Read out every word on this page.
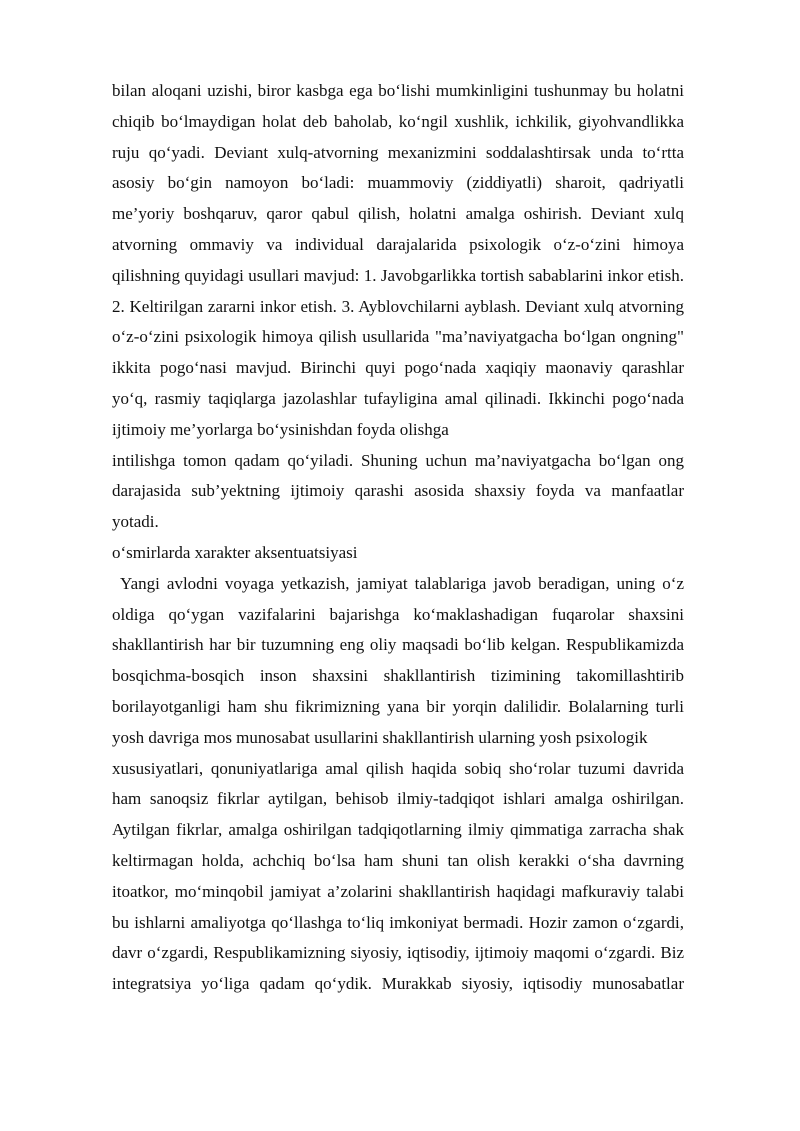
bilan aloqani uzishi, biror kasbga ega bo‘lishi mumkinligini tushunmay bu holatni chiqib bo‘lmaydigan holat deb baholab, ko‘ngil xushlik, ichkilik, giyohvandlikka ruju qo‘yadi. Deviant xulq-atvorning mexanizmini soddalashtirsak unda to‘rtta asosiy bo‘gin namoyon bo‘ladi: muammoviy (ziddiyatli) sharoit, qadriyatli me’yoriy boshqaruv, qaror qabul qilish, holatni amalga oshirish. Deviant xulq atvorning ommaviy va individual darajalarida psixologik o‘z-o‘zini himoya qilishning quyidagi usullari mavjud: 1. Javobgarlikka tortish sabablarini inkor etish. 2. Keltirilgan zararni inkor etish. 3. Ayblovchilarni ayblash. Deviant xulq atvorning o‘z-o‘zini psixologik himoya qilish usullarida "ma’naviyatgacha bo‘lgan ongning" ikkita pogo‘nasi mavjud. Birinchi quyi pogo‘nada xaqiqiy maonaviy qarashlar yo‘q, rasmiy taqiqlarga jazolashlar tufayligina amal qilinadi. Ikkinchi pogo‘nada ijtimoiy me’yorlarga bo‘ysinishdan foyda olishga

intilishga tomon qadam qo‘yiladi. Shuning uchun ma’naviyatgacha bo‘lgan ong darajasida sub’yektning ijtimoiy qarashi asosida shaxsiy foyda va manfaatlar yotadi.

o‘smirlarda xarakter aksentuatsiyasi

Yangi avlodni voyaga yetkazish, jamiyat talablariga javob beradigan, uning o‘z oldiga qo‘ygan vazifalarini bajarishga ko‘maklashadigan fuqarolar shaxsini shakllantirish har bir tuzumning eng oliy maqsadi bo‘lib kelgan. Respublikamizda bosqichma-bosqich inson shaxsini shakllantirish tizimining takomillashtirib borilayotganligi ham shu fikrimizning yana bir yorqin dalilidir. Bolalarning turli yosh davriga mos munosabat usullarini shakllantirish ularning yosh psixologik

xususiyatlari, qonuniyatlariga amal qilish haqida sobiq sho‘rolar tuzumi davrida ham sanoqsiz fikrlar aytilgan, behisob ilmiy-tadqiqot ishlari amalga oshirilgan. Aytilgan fikrlar, amalga oshirilgan tadqiqotlarning ilmiy qimmatiga zarracha shak keltirmagan holda, achchiq bo‘lsa ham shuni tan olish kerakki o‘sha davrning itoatkor, mo‘minqobil jamiyat a’zolarini shakllantirish haqidagi mafkuraviy talabi bu ishlarni amaliyotga qo‘llashga to‘liq imkoniyat bermadi. Hozir zamon o‘zgardi, davr o‘zgardi, Respublikamizning siyosiy, iqtisodiy, ijtimoiy maqomi o‘zgardi. Biz integratsiya yo‘liga qadam qo‘ydik. Murakkab siyosiy, iqtisodiy munosabatlar
